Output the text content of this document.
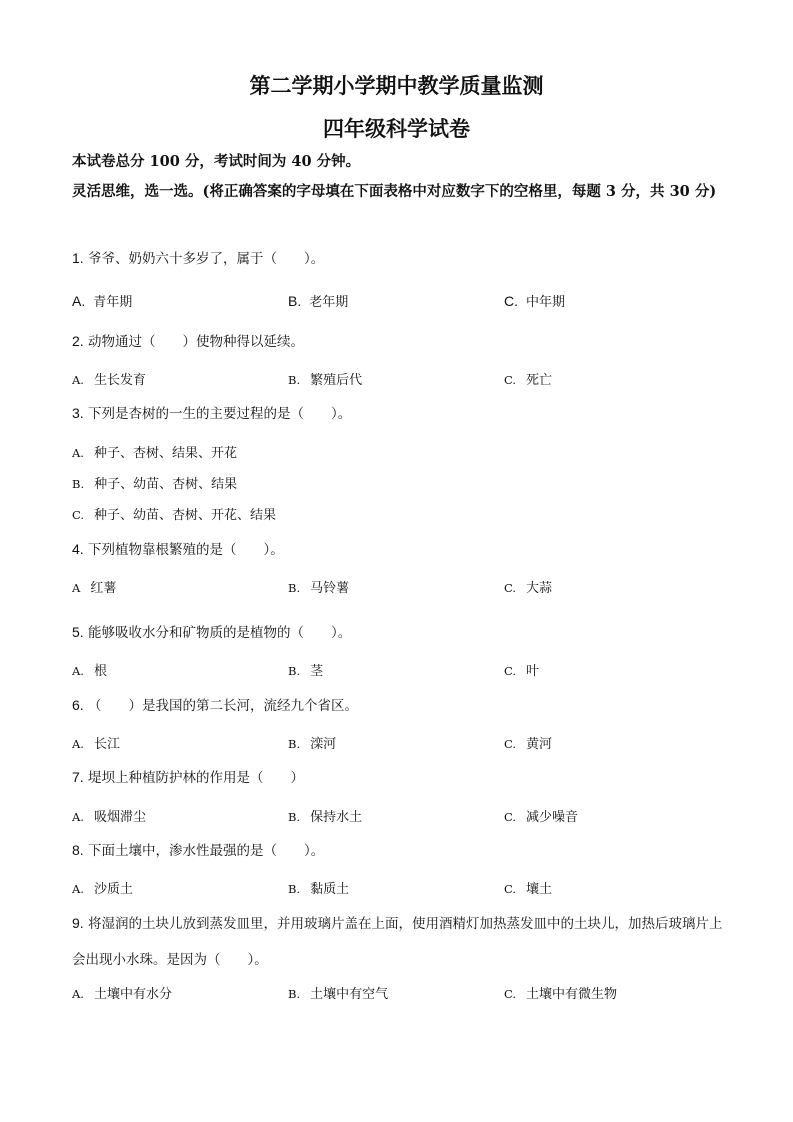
第二学期小学期中教学质量监测
四年级科学试卷
本试卷总分 100 分，考试时间为 40 分钟。
灵活思维，选一选。(将正确答案的字母填在下面表格中对应数字下的空格里，每题 3 分，共 30 分)
1. 爷爷、奶奶六十多岁了，属于（　　）。
A. 青年期	B. 老年期	C. 中年期
2. 动物通过（　　）使物种得以延续。
A. 生长发育	B. 繁殖后代	C. 死亡
3. 下列是杏树的一生的主要过程的是（　　）。
A. 种子、杏树、结果、开花
B. 种子、幼苗、杏树、结果
C. 种子、幼苗、杏树、开花、结果
4. 下列植物靠根繁殖的是（　　）。
A 红薯	B. 马铃薯	C. 大蒜
5. 能够吸收水分和矿物质的是植物的（　　）。
A. 根	B. 茎	C. 叶
6. （　　）是我国的第二长河，流经九个省区。
A. 长江	B. 滦河	C. 黄河
7. 堤坝上种植防护林的作用是（　　）
A. 吸烟滞尘	B. 保持水土	C. 减少噪音
8. 下面土壤中，渗水性最强的是（　　）。
A. 沙质土	B. 黏质土	C. 壤土
9. 将湿润的土块儿放到蒸发皿里，并用玻璃片盖在上面，使用酒精灯加热蒸发皿中的土块儿，加热后玻璃片上会出现小水珠。是因为（　　）。
A. 土壤中有水分	B. 土壤中有空气	C. 土壤中有微生物
